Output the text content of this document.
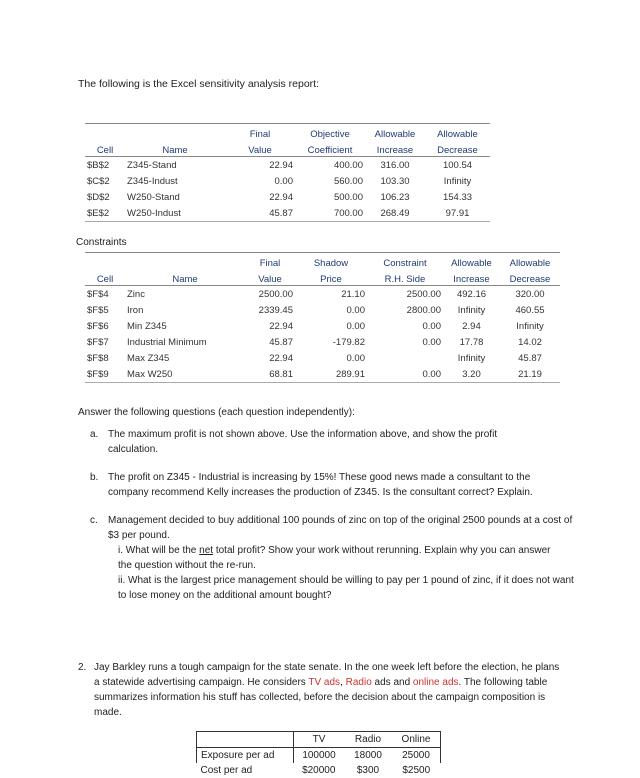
The following is the Excel sensitivity analysis report:
		Final	Objective	Allowable	Allowable
Cell	Name	Value	Coefficient	Increase	Decrease
$B$2	Z345-Stand	22.94	400.00	316.00	100.54
$C$2	Z345-Indust	0.00	560.00	103.30	Infinity
$D$2	W250-Stand	22.94	500.00	106.23	154.33
$E$2	W250-Indust	45.87	700.00	268.49	97.91
Constraints
		Final	Shadow	Constraint	Allowable	Allowable
Cell	Name	Value	Price	R.H. Side	Increase	Decrease
$F$4	Zinc	2500.00	21.10	2500.00	492.16	320.00
$F$5	Iron	2339.45	0.00	2800.00	Infinity	460.55
$F$6	Min Z345	22.94	0.00	0.00	2.94	Infinity
$F$7	Industrial Minimum	45.87	-179.82	0.00	17.78	14.02
$F$8	Max Z345	22.94	0.00		Infinity	45.87
$F$9	Max W250	68.81	289.91	0.00	3.20	21.19
Answer the following questions (each question independently):
a. The maximum profit is not shown above. Use the information above, and show the profit calculation.
b. The profit on Z345 - Industrial is increasing by 15%! These good news made a consultant to the company recommend Kelly increases the production of Z345. Is the consultant correct? Explain.
c. Management decided to buy additional 100 pounds of zinc on top of the original 2500 pounds at a cost of $3 per pound.
i. What will be the net total profit? Show your work without rerunning. Explain why you can answer the question without the re-run.
ii. What is the largest price management should be willing to pay per 1 pound of zinc, if it does not want to lose money on the additional amount bought?
2. Jay Barkley runs a tough campaign for the state senate. In the one week left before the election, he plans a statewide advertising campaign. He considers TV ads, Radio ads and online ads. The following table summarizes information his stuff has collected, before the decision about the campaign composition is made.
	TV	Radio	Online
Exposure per ad	100000	18000	25000
Cost per ad	$20000	$300	$2500
